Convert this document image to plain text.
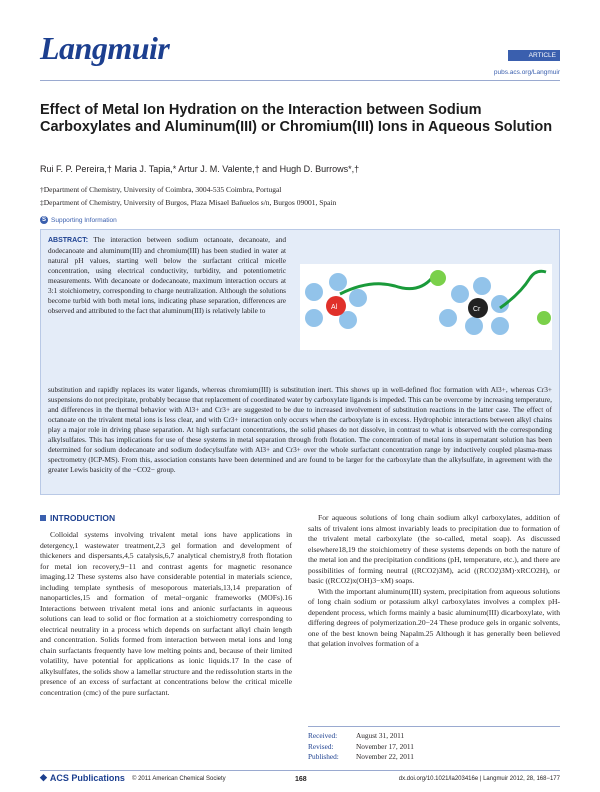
Langmuir	ARTICLE
pubs.acs.org/Langmuir
Effect of Metal Ion Hydration on the Interaction between Sodium Carboxylates and Aluminum(III) or Chromium(III) Ions in Aqueous Solution
Rui F. P. Pereira,† Maria J. Tapia,* Artur J. M. Valente,† and Hugh D. Burrows*,†
†Department of Chemistry, University of Coimbra, 3004-535 Coimbra, Portugal
‡Department of Chemistry, University of Burgos, Plaza Misael Bañuelos s/n, Burgos 09001, Spain
S Supporting Information
ABSTRACT: The interaction between sodium octanoate, decanoate, and dodecanoate and aluminum(III) and chromium(III) has been studied in water at natural pH values, starting well below the surfactant critical micelle concentration, using electrical conductivity, turbidity, and potentiometric measurements. With decanoate or dodecanoate, maximum interaction occurs at 3:1 stoichiometry, corresponding to charge neutralization. Although the solutions become turbid with both metal ions, indicating phase separation, differences are observed and attributed to the fact that aluminum(III) is relatively labile to	Al	Cr
substitution and rapidly replaces its water ligands, whereas chromium(III) is substitution inert. This shows up in well-defined floc formation with Al3+, whereas Cr3+ suspensions do not precipitate, probably because that replacement of coordinated water by carboxylate ligands is impeded. This can be overcome by increasing temperature, and differences in the thermal behavior with Al3+ and Cr3+ are suggested to be due to increased involvement of substitution reactions in the latter case. The effect of octanoate on the trivalent metal ions is less clear, and with Cr3+ interaction only occurs when the carboxylate is in excess. Hydrophobic interactions between alkyl chains play a major role in driving phase separation. At high surfactant concentrations, the solid phases do not dissolve, in contrast to what is observed with the corresponding alkylsulfates. This has implications for use of these systems in metal separation through froth flotation. The concentration of metal ions in supernatant solution has been determined for sodium dodecanoate and sodium dodecylsulfate with Al3+ and Cr3+ over the whole surfactant concentration range by inductively coupled plasma-mass spectrometry (ICP-MS). From this, association constants have been determined and are found to be larger for the carboxylate than the alkylsulfate, in agreement with the greater Lewis basicity of the −CO2− group.
INTRODUCTION
Colloidal systems involving trivalent metal ions have applications in detergency,1 wastewater treatment,2,3 gel formation and development of thickeners and dispersants,4,5 catalysis,6,7 analytical chemistry,8 froth flotation for metal ion recovery,9−11 and contrast agents for magnetic resonance imaging.12 These systems also have considerable potential in materials science, including template synthesis of mesoporous materials,13,14 preparation of nanoparticles,15 and formation of metal−organic frameworks (MOFs).16 Interactions between trivalent metal ions and anionic surfactants in aqueous solutions can lead to solid or floc formation at a stoichiometry corresponding to electrical neutrality in a process which depends on surfactant alkyl chain length and concentration. Solids formed from interaction between metal ions and long chain surfactants frequently have low melting points and, because of their limited volatility, have potential for applications as ionic liquids.17 In the case of alkylsulfates, the solids show a lamellar structure and the redissolution starts in the presence of an excess of surfactant at concentrations below the critical micelle concentration (cmc) of the pure surfactant.

For aqueous solutions of long chain sodium alkyl carboxylates, addition of salts of trivalent ions almost invariably leads to precipitation due to formation of the trivalent metal carboxylate (the so-called, metal soap). As discussed elsewhere18,19 the stoichiometry of these systems depends on both the nature of the metal ion and the precipitation conditions (pH, temperature, etc.), and there are possibilities of forming neutral ((RCO2)3M), acid ((RCO2)3M)·xRCO2H), or basic ((RCO2)x(OH)3−xM) soaps.

With the important aluminum(III) system, precipitation from aqueous solutions of long chain sodium or potassium alkyl carboxylates involves a complex pH-dependent process, which forms mainly a basic aluminum(III) dicarboxylate, with differing degrees of polymerization.20−24 These produce gels in organic solvents, one of the best known being Napalm.25 Although it has generally been believed that gelation involves formation of a

Received:	August 31, 2011
Revised:	November 17, 2011
Published:	November 22, 2011
◆ ACS Publications © 2011 American Chemical Society	168	dx.doi.org/10.1021/la203416e | Langmuir 2012, 28, 168−177
